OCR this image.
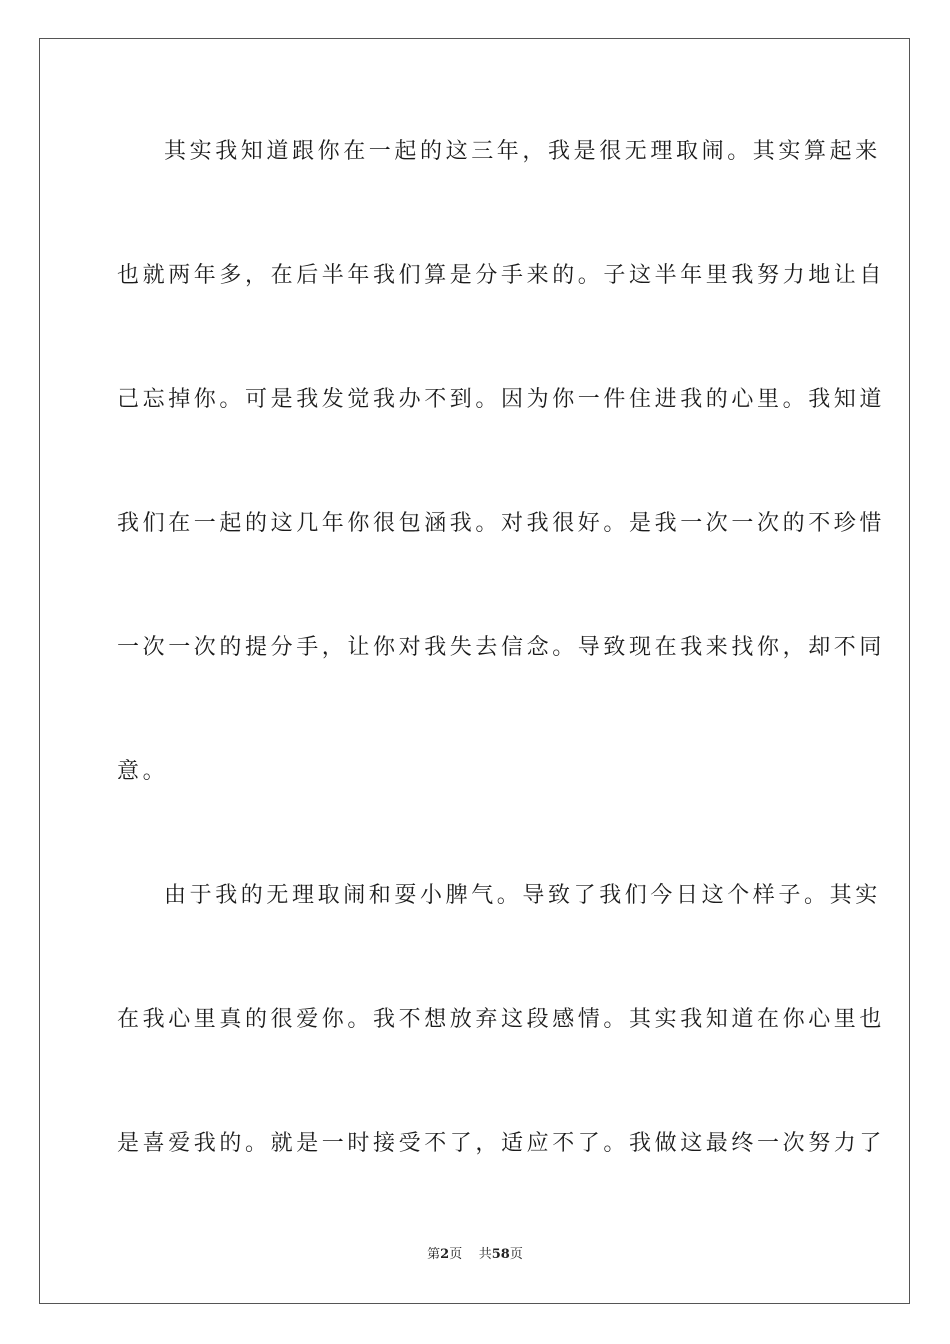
其实我知道跟你在一起的这三年，我是很无理取闹。其实算起来
也就两年多，在后半年我们算是分手来的。子这半年里我努力地让自
己忘掉你。可是我发觉我办不到。因为你一件住进我的心里。我知道
我们在一起的这几年你很包涵我。对我很好。是我一次一次的不珍惜
一次一次的提分手，让你对我失去信念。导致现在我来找你，却不同
意。
由于我的无理取闹和耍小脾气。导致了我们今日这个样子。其实
在我心里真的很爱你。我不想放弃这段感情。其实我知道在你心里也
是喜爱我的。就是一时接受不了，适应不了。我做这最终一次努力了
第2页 共58页
